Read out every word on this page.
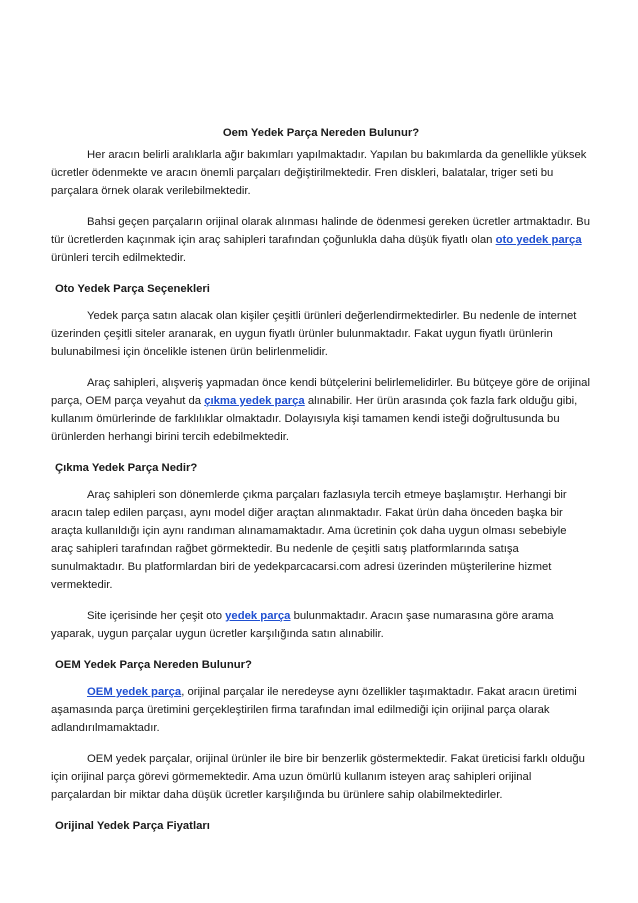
Oem Yedek Parça Nereden Bulunur?

Her aracın belirli aralıklarla ağır bakımları yapılmaktadır. Yapılan bu bakımlarda da genellikle yüksek ücretler ödenmekte ve aracın önemli parçaları değiştirilmektedir. Fren diskleri, balatalar, triger seti bu parçalara örnek olarak verilebilmektedir.

Bahsi geçen parçaların orijinal olarak alınması halinde de ödenmesi gereken ücretler artmaktadır. Bu tür ücretlerden kaçınmak için araç sahipleri tarafından çoğunlukla daha düşük fiyatlı olan oto yedek parça ürünleri tercih edilmektedir.

Oto Yedek Parça Seçenekleri

Yedek parça satın alacak olan kişiler çeşitli ürünleri değerlendirmektedirler. Bu nedenle de internet üzerinden çeşitli siteler aranarak, en uygun fiyatlı ürünler bulunmaktadır. Fakat uygun fiyatlı ürünlerin bulunabilmesi için öncelikle istenen ürün belirlenmelidir.

Araç sahipleri, alışveriş yapmadan önce kendi bütçelerini belirlemelidirler. Bu bütçeye göre de orijinal parça, OEM parça veyahut da çıkma yedek parça alınabilir. Her ürün arasında çok fazla fark olduğu gibi, kullanım ömürlerinde de farklılıklar olmaktadır. Dolayısıyla kişi tamamen kendi isteği doğrultusunda bu ürünlerden herhangi birini tercih edebilmektedir.

Çıkma Yedek Parça Nedir?

Araç sahipleri son dönemlerde çıkma parçaları fazlasıyla tercih etmeye başlamıştır. Herhangi bir aracın talep edilen parçası, aynı model diğer araçtan alınmaktadır. Fakat ürün daha önceden başka bir araçta kullanıldığı için aynı randıman alınamamaktadır. Ama ücretinin çok daha uygun olması sebebiyle araç sahipleri tarafından rağbet görmektedir. Bu nedenle de çeşitli satış platformlarında satışa sunulmaktadır. Bu platformlardan biri de yedekparcacarsi.com adresi üzerinden müşterilerine hizmet vermektedir.

Site içerisinde her çeşit oto yedek parça bulunmaktadır. Aracın şase numarasına göre arama yaparak, uygun parçalar uygun ücretler karşılığında satın alınabilir.

OEM Yedek Parça Nereden Bulunur?

OEM yedek parça, orijinal parçalar ile neredeyse aynı özellikler taşımaktadır. Fakat aracın üretimi aşamasında parça üretimini gerçekleştirilen firma tarafından imal edilmediği için orijinal parça olarak adlandırılmamaktadır.

OEM yedek parçalar, orijinal ürünler ile bire bir benzerlik göstermektedir. Fakat üreticisi farklı olduğu için orijinal parça görevi görmemektedir. Ama uzun ömürlü kullanım isteyen araç sahipleri orijinal parçalardan bir miktar daha düşük ücretler karşılığında bu ürünlere sahip olabilmektedirler.

Orijinal Yedek Parça Fiyatları
